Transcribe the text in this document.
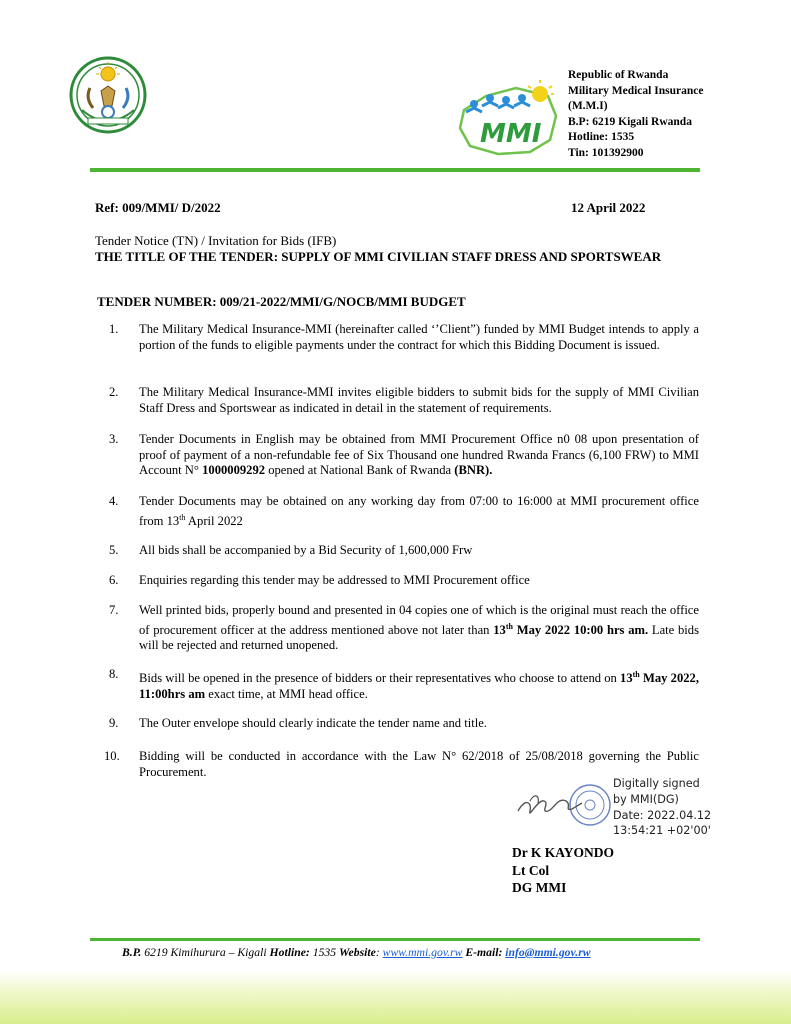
MMI
Republic of Rwanda
Military Medical Insurance
(M.M.I)
B.P: 6219 Kigali Rwanda
Hotline: 1535
Tin: 101392900
Ref: 009/MMI/ D/2022	12 April 2022
Tender Notice (TN) / Invitation for Bids (IFB)
THE TITLE OF THE TENDER: SUPPLY OF MMI CIVILIAN STAFF DRESS AND SPORTSWEAR
TENDER NUMBER: 009/21-2022/MMI/G/NOCB/MMI BUDGET
1.	The Military Medical Insurance-MMI (hereinafter called ‘’Client”) funded by MMI Budget intends to apply a portion of the funds to eligible payments under the contract for which this Bidding Document is issued.
2.	The Military Medical Insurance-MMI invites eligible bidders to submit bids for the supply of MMI Civilian Staff Dress and Sportswear as indicated in detail in the statement of requirements.
3.	Tender Documents in English may be obtained from MMI Procurement Office n0 08 upon presentation of proof of payment of a non-refundable fee of Six Thousand one hundred Rwanda Francs (6,100 FRW) to MMI Account N° 1000009292 opened at National Bank of Rwanda (BNR).
4.	Tender Documents may be obtained on any working day from 07:00 to 16:000 at MMI procurement office from 13th April 2022
5.	All bids shall be accompanied by a Bid Security of 1,600,000 Frw
6.	Enquiries regarding this tender may be addressed to MMI Procurement office
7.	Well printed bids, properly bound and presented in 04 copies one of which is the original must reach the office of procurement officer at the address mentioned above not later than 13th May 2022 10:00 hrs am. Late bids will be rejected and returned unopened.
8.	Bids will be opened in the presence of bidders or their representatives who choose to attend on 13th May 2022, 11:00hrs am exact time, at MMI head office.
9.	The Outer envelope should clearly indicate the tender name and title.
10.	Bidding will be conducted in accordance with the Law N° 62/2018 of 25/08/2018 governing the Public Procurement.
Digitally signed
by MMI(DG)
Date: 2022.04.12
13:54:21 +02'00'
Dr K KAYONDO
Lt Col
DG MMI
B.P. 6219 Kimihurura – Kigali Hotline: 1535 Website: www.mmi.gov.rw E-mail: info@mmi.gov.rw
